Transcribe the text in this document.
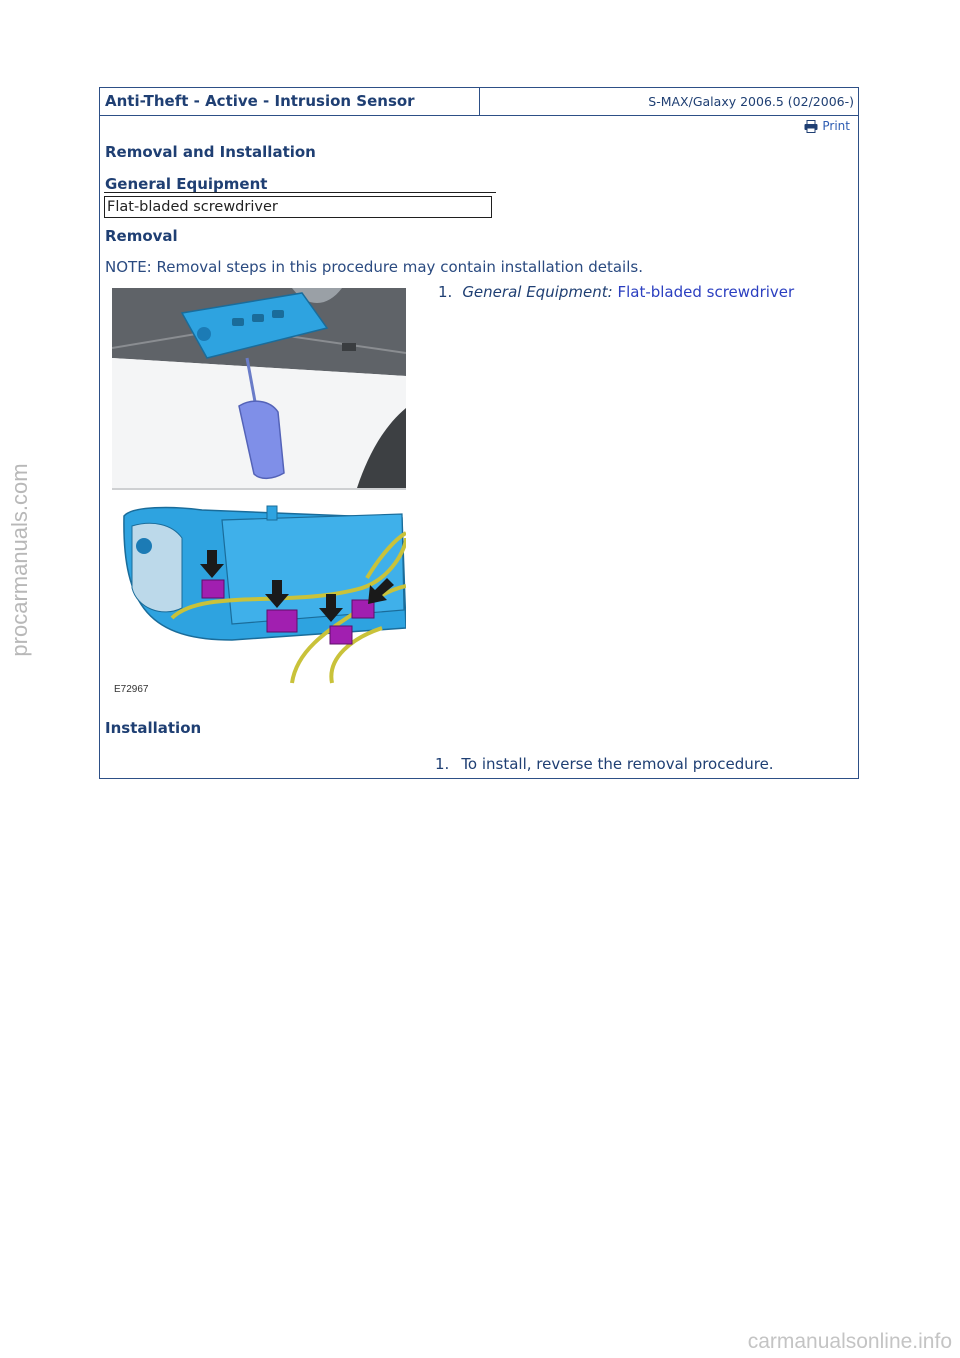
Anti-Theft - Active - Intrusion Sensor	S-MAX/Galaxy 2006.5 (02/2006-)
Print
Removal and Installation
General Equipment
Flat-bladed screwdriver
Removal
NOTE: Removal steps in this procedure may contain installation details.
E72967
1. General Equipment: Flat-bladed screwdriver
Installation
1. To install, reverse the removal procedure.
procarmanuals.com
carmanualsonline.info
